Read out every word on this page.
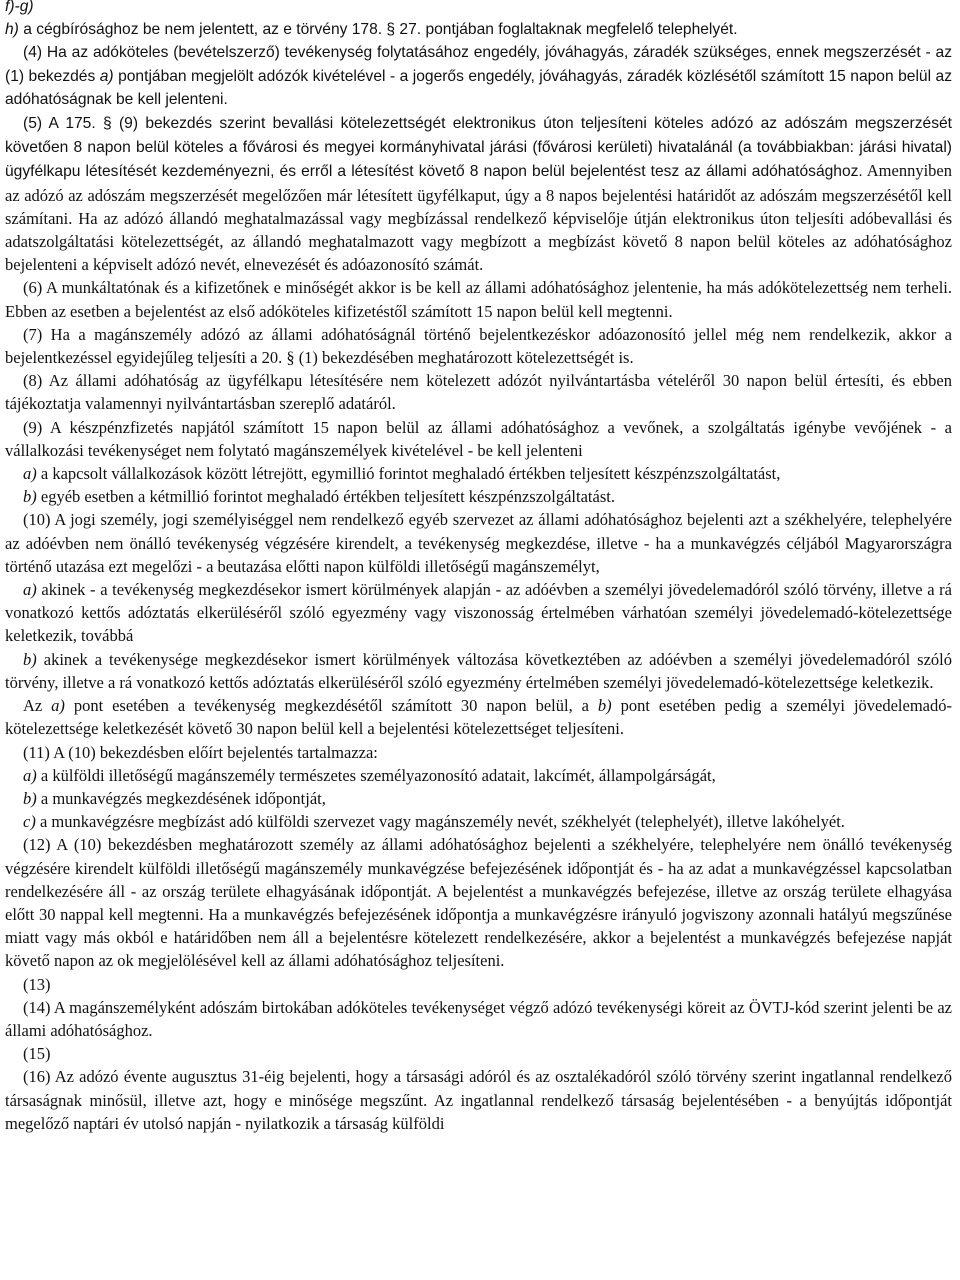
f)-g)

h) a cégbírósághoz be nem jelentett, az e törvény 178. § 27. pontjában foglaltaknak megfelelő telephelyét.

(4) Ha az adóköteles (bevételszerző) tevékenység folytatásához engedély, jóváhagyás, záradék szükséges, ennek megszerzését - az (1) bekezdés a) pontjában megjelölt adózók kivételével - a jogerős engedély, jóváhagyás, záradék közlésétől számított 15 napon belül az adóhatóságnak be kell jelenteni.

(5) A 175. § (9) bekezdés szerint bevallási kötelezettségét elektronikus úton teljesíteni köteles adózó az adószám megszerzését követően 8 napon belül köteles a fővárosi és megyei kormányhivatal járási (fővárosi kerületi) hivatalánál (a továbbiakban: járási hivatal) ügyfélkapu létesítését kezdeményezni, és erről a létesítést követő 8 napon belül bejelentést tesz az állami adóhatósághoz. Amennyiben az adózó az adószám megszerzését megelőzően már létesített ügyfélkaput, úgy a 8 napos bejelentési határidőt az adószám megszerzésétől kell számítani. Ha az adózó állandó meghatalmazással vagy megbízással rendelkező képviselője útján elektronikus úton teljesíti adóbevallási és adatszolgáltatási kötelezettségét, az állandó meghatalmazott vagy megbízott a megbízást követő 8 napon belül köteles az adóhatósághoz bejelenteni a képviselt adózó nevét, elnevezését és adóazonosító számát.

(6) A munkáltatónak és a kifizetőnek e minőségét akkor is be kell az állami adóhatósághoz jelentenie, ha más adókötelezettség nem terheli. Ebben az esetben a bejelentést az első adóköteles kifizetéstől számított 15 napon belül kell megtenni.

(7) Ha a magánszemély adózó az állami adóhatóságnál történő bejelentkezéskor adóazonosító jellel még nem rendelkezik, akkor a bejelentkezéssel egyidejűleg teljesíti a 20. § (1) bekezdésében meghatározott kötelezettségét is.

(8) Az állami adóhatóság az ügyfélkapu létesítésére nem kötelezett adózót nyilvántartásba vételéről 30 napon belül értesíti, és ebben tájékoztatja valamennyi nyilvántartásban szereplő adatáról.

(9) A készpénzfizetés napjától számított 15 napon belül az állami adóhatósághoz a vevőnek, a szolgáltatás igénybe vevőjének - a vállalkozási tevékenységet nem folytató magánszemélyek kivételével - be kell jelenteni

a) a kapcsolt vállalkozások között létrejött, egymillió forintot meghaladó értékben teljesített készpénzszolgáltatást,

b) egyéb esetben a kétmillió forintot meghaladó értékben teljesített készpénzszolgáltatást.

(10) A jogi személy, jogi személyiséggel nem rendelkező egyéb szervezet az állami adóhatósághoz bejelenti azt a székhelyére, telephelyére az adóévben nem önálló tevékenység végzésére kirendelt, a tevékenység megkezdése, illetve - ha a munkavégzés céljából Magyarországra történő utazása ezt megelőzi - a beutazása előtti napon külföldi illetőségű magánszemélyt,

a) akinek - a tevékenység megkezdésekor ismert körülmények alapján - az adóévben a személyi jövedelemadóról szóló törvény, illetve a rá vonatkozó kettős adóztatás elkerüléséről szóló egyezmény vagy viszonosság értelmében várhatóan személyi jövedelemadó-kötelezettsége keletkezik, továbbá

b) akinek a tevékenysége megkezdésekor ismert körülmények változása következtében az adóévben a személyi jövedelemadóról szóló törvény, illetve a rá vonatkozó kettős adóztatás elkerüléséről szóló egyezmény értelmében személyi jövedelemadó-kötelezettsége keletkezik.

Az a) pont esetében a tevékenység megkezdésétől számított 30 napon belül, a b) pont esetében pedig a személyi jövedelemadó-kötelezettsége keletkezését követő 30 napon belül kell a bejelentési kötelezettséget teljesíteni.

(11) A (10) bekezdésben előírt bejelentés tartalmazza:

a) a külföldi illetőségű magánszemély természetes személyazonosító adatait, lakcímét, állampolgárságát,

b) a munkavégzés megkezdésének időpontját,

c) a munkavégzésre megbízást adó külföldi szervezet vagy magánszemély nevét, székhelyét (telephelyét), illetve lakóhelyét.

(12) A (10) bekezdésben meghatározott személy az állami adóhatósághoz bejelenti a székhelyére, telephelyére nem önálló tevékenység végzésére kirendelt külföldi illetőségű magánszemély munkavégzése befejezésének időpontját és - ha az adat a munkavégzéssel kapcsolatban rendelkezésére áll - az ország területe elhagyásának időpontját. A bejelentést a munkavégzés befejezése, illetve az ország területe elhagyása előtt 30 nappal kell megtenni. Ha a munkavégzés befejezésének időpontja a munkavégzésre irányuló jogviszony azonnali hatályú megszűnése miatt vagy más okból e határidőben nem áll a bejelentésre kötelezett rendelkezésére, akkor a bejelentést a munkavégzés befejezése napját követő napon az ok megjelölésével kell az állami adóhatósághoz teljesíteni.

(13)

(14) A magánszemélyként adószám birtokában adóköteles tevékenységet végző adózó tevékenységi köreit az ÖVTJ-kód szerint jelenti be az állami adóhatósághoz.

(15)

(16) Az adózó évente augusztus 31-éig bejelenti, hogy a társasági adóról és az osztalékadóról szóló törvény szerint ingatlannal rendelkező társaságnak minősül, illetve azt, hogy e minősége megszűnt. Az ingatlannal rendelkező társaság bejelentésében - a benyújtás időpontját megelőző naptári év utolsó napján - nyilatkozik a társaság külföldi
